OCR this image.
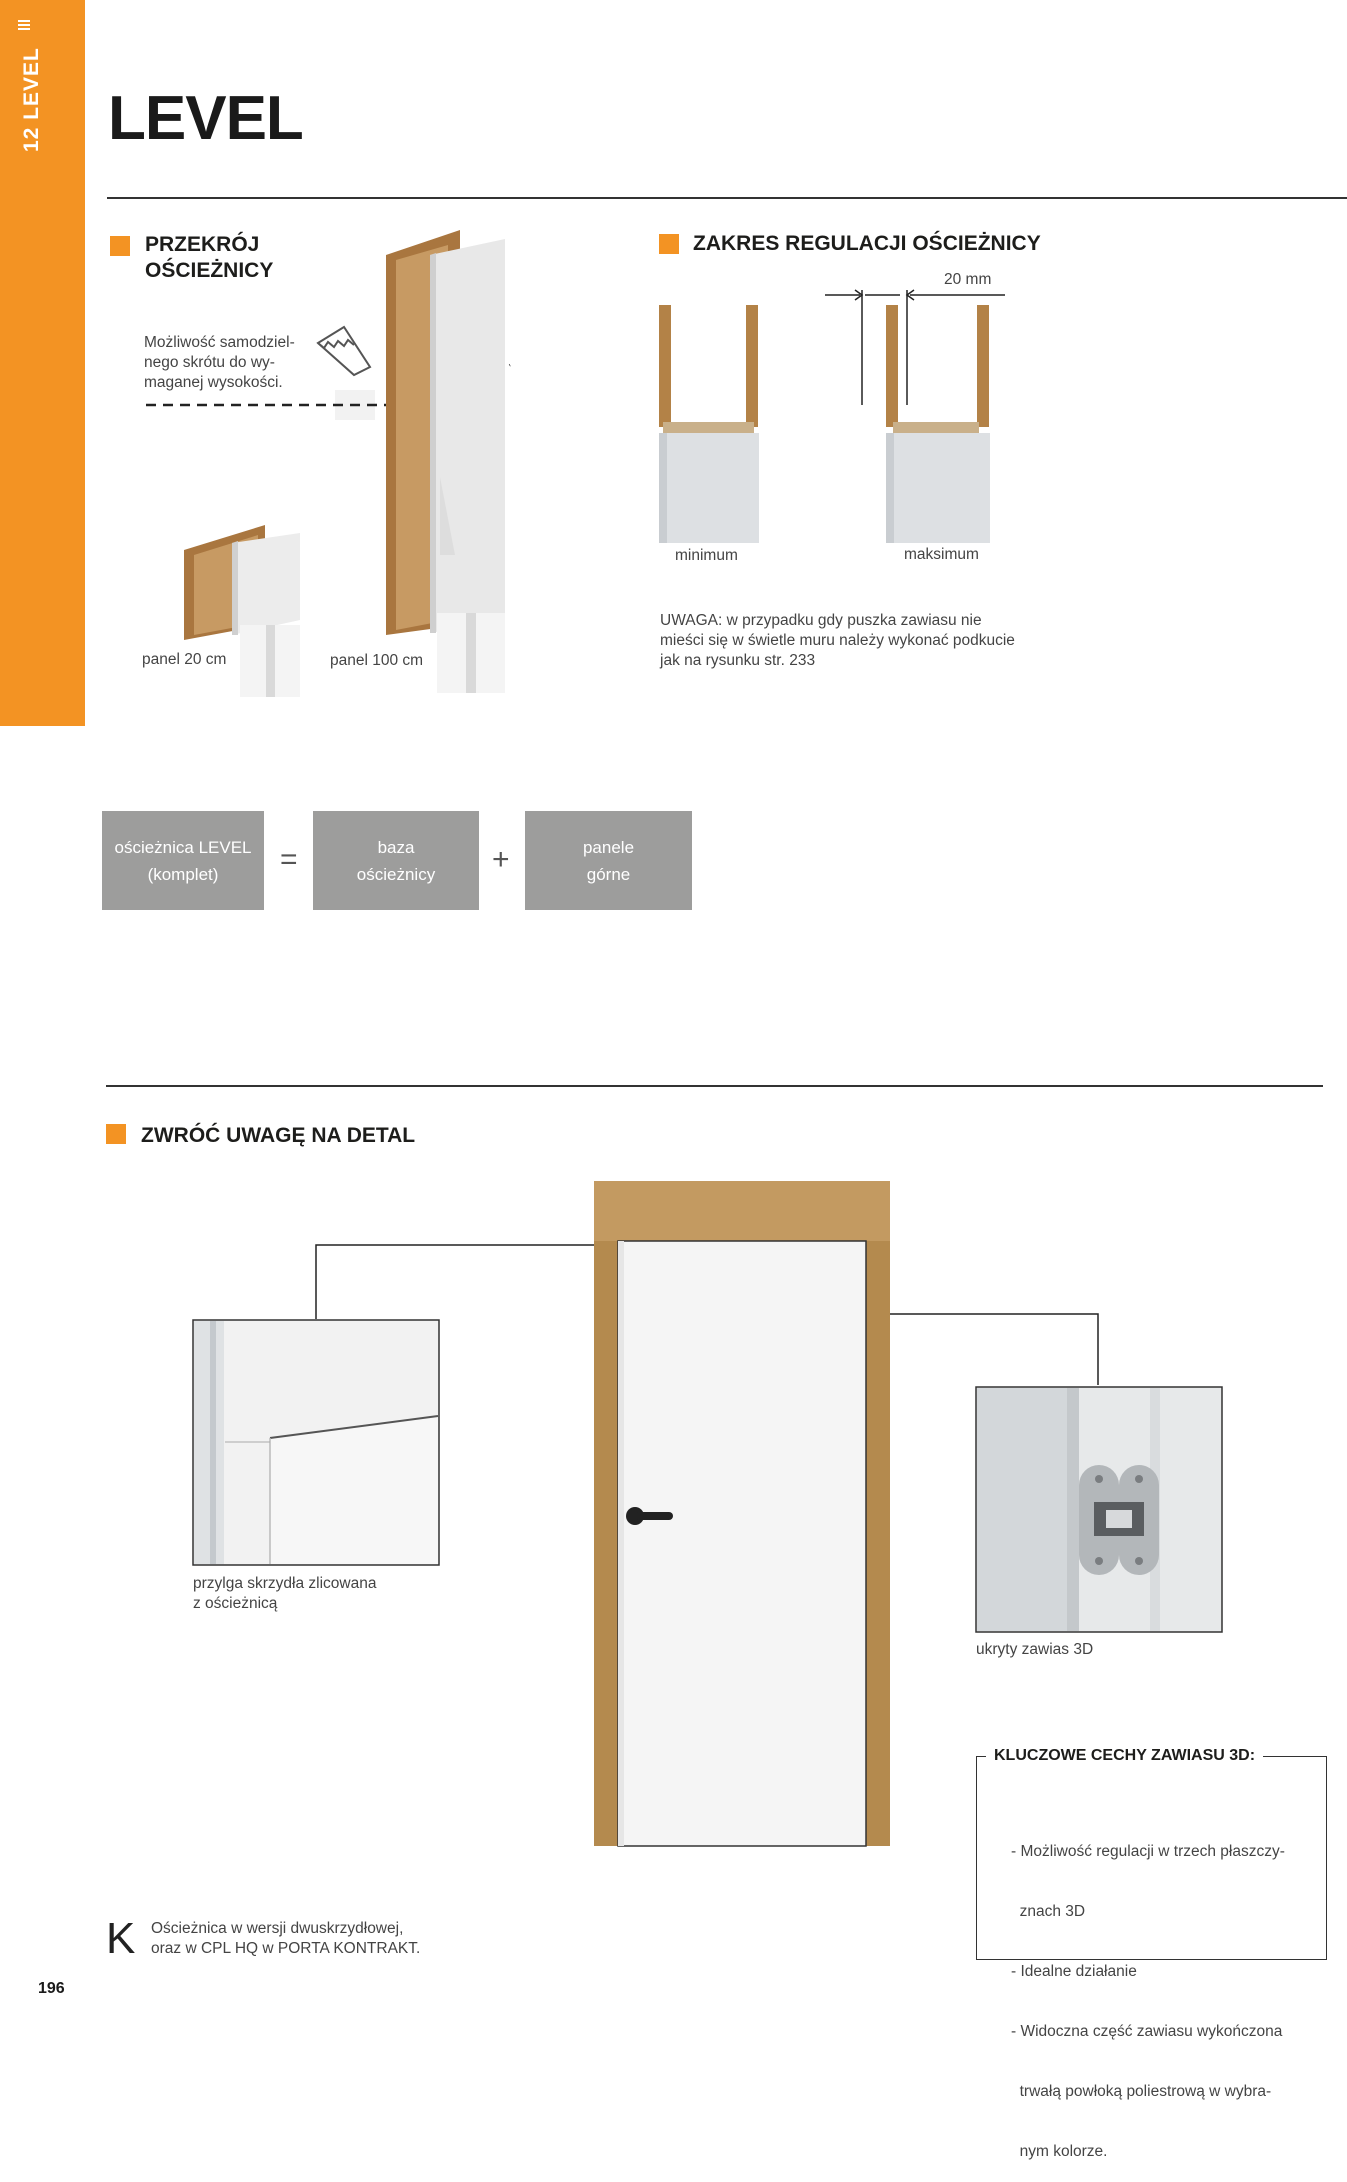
12 LEVEL LEVEL
PRZEKRÓJ
OŚCIEŻNICY
Możliwość samodziel-
nego skrótu do wy-
maganej wysokości.
panel 20 cm	panel 100 cm
ZAKRES REGULACJI OŚCIEŻNICY
20 mm
minimum	maksimum
UWAGA: w przypadku gdy puszka zawiasu nie
mieści się w świetle muru należy wykonać podkucie
jak na rysunku str. 233
ościeżnica LEVEL
(komplet)	=	baza
ościeżnicy	+	panele
górne
ZWRÓĆ UWAGĘ NA DETAL
przylga skrzydła zlicowana
z ościeżnicą
ukryty zawias 3D
KLUCZOWE CECHY ZAWIASU 3D:

- Możliwość regulacji w trzech płaszczy-

znach 3D

- Idealne działanie

- Widoczna część zawiasu wykończona

trwałą powłoką poliestrową w wybra-

nym kolorze.

K Ościeżnica w wersji dwuskrzydłowej,
oraz w CPL HQ w PORTA KONTRAKT.
196
